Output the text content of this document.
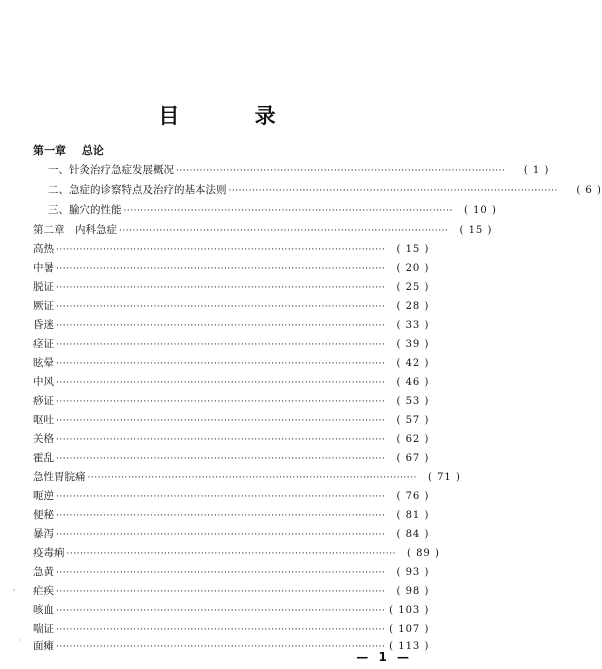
目 录
第一章 总论
一、针灸治疗急症发展概况 ··································································································	( 1 )
二、急症的诊察特点及治疗的基本法则 ··································································································	( 6 )
三、腧穴的性能 ··································································································	( 10 )
第二章　内科急症 ··································································································	( 15 )
高热 ··································································································	( 15 )
中暑 ··································································································	( 20 )
脱证 ··································································································	( 25 )
厥证 ··································································································	( 28 )
昏迷 ··································································································	( 33 )
痉证 ··································································································	( 39 )
眩晕 ··································································································	( 42 )
中风 ··································································································	( 46 )
痧证 ··································································································	( 53 )
呕吐 ··································································································	( 57 )
关格 ··································································································	( 62 )
霍乱 ··································································································	( 67 )
急性胃脘痛 ··································································································	( 71 )
呃逆 ··································································································	( 76 )
便秘 ··································································································	( 81 )
暴泻 ··································································································	( 84 )
疫毒痢 ··································································································	( 89 )
急黄 ··································································································	( 93 )
疟疾 ··································································································	( 98 )
咳血 ·································································································· ( 103 )
喘证 ·································································································· ( 107 )
面瘫 ·································································································· ( 113 )
— 1 —
